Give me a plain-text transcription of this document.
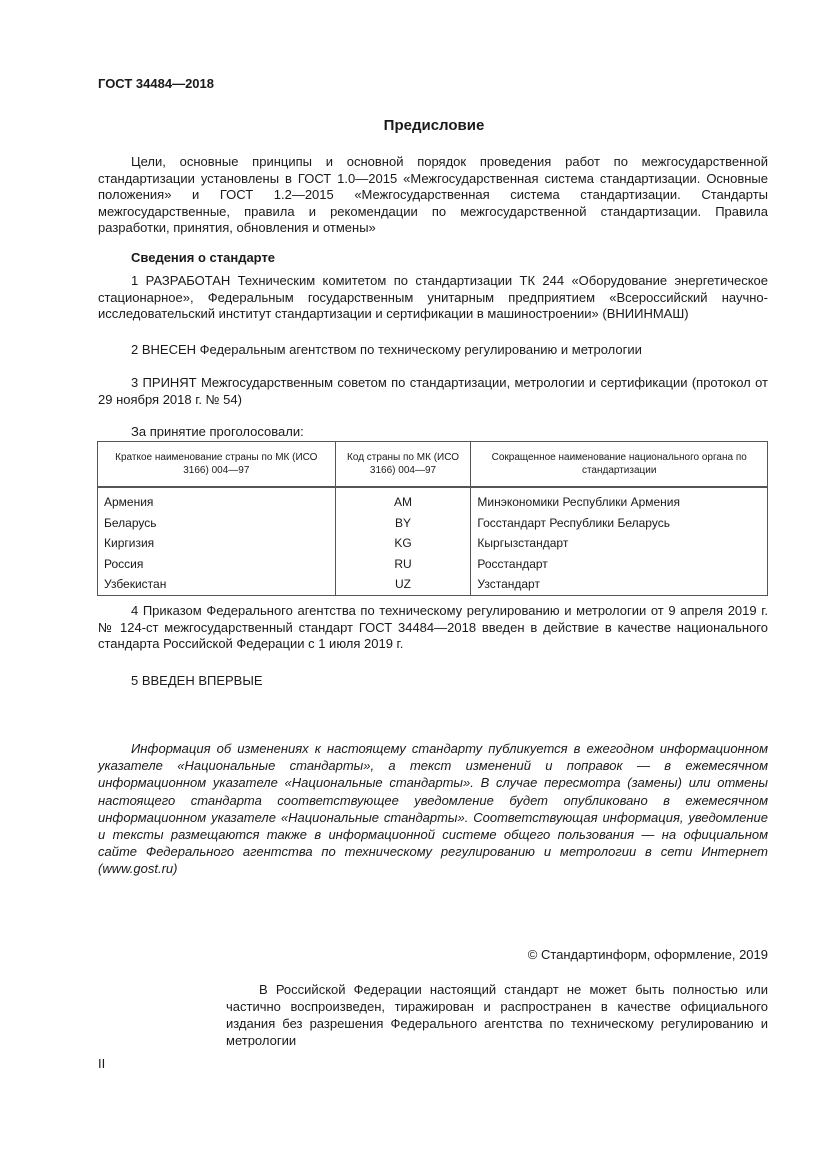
ГОСТ 34484—2018
Предисловие
Цели, основные принципы и основной порядок проведения работ по межгосударственной стандартизации установлены в ГОСТ 1.0—2015 «Межгосударственная система стандартизации. Основные положения» и ГОСТ 1.2—2015 «Межгосударственная система стандартизации. Стандарты межгосударственные, правила и рекомендации по межгосударственной стандартизации. Правила разработки, принятия, обновления и отмены»
Сведения о стандарте
1 РАЗРАБОТАН Техническим комитетом по стандартизации ТК 244 «Оборудование энергетическое стационарное», Федеральным государственным унитарным предприятием «Всероссийский научно-исследовательский институт стандартизации и сертификации в машиностроении» (ВНИИНМАШ)
2 ВНЕСЕН Федеральным агентством по техническому регулированию и метрологии
3 ПРИНЯТ Межгосударственным советом по стандартизации, метрологии и сертификации (протокол от 29 ноября 2018 г. № 54)
За принятие проголосовали:
Краткое наименование страны по МК (ИСО 3166) 004—97	Код страны по МК (ИСО 3166) 004—97	Сокращенное наименование национального органа по стандартизации
Армения	AM	Минэкономики Республики Армения
Беларусь	BY	Госстандарт Республики Беларусь
Киргизия	KG	Кыргызстандарт
Россия	RU	Росстандарт
Узбекистан	UZ	Узстандарт
4 Приказом Федерального агентства по техническому регулированию и метрологии от 9 апреля 2019 г. № 124-ст межгосударственный стандарт ГОСТ 34484—2018 введен в действие в качестве национального стандарта Российской Федерации с 1 июля 2019 г.
5 ВВЕДЕН ВПЕРВЫЕ
Информация об изменениях к настоящему стандарту публикуется в ежегодном информационном указателе «Национальные стандарты», а текст изменений и поправок — в ежемесячном информационном указателе «Национальные стандарты». В случае пересмотра (замены) или отмены настоящего стандарта соответствующее уведомление будет опубликовано в ежемесячном информационном указателе «Национальные стандарты». Соответствующая информация, уведомление и тексты размещаются также в информационной системе общего пользования — на официальном сайте Федерального агентства по техническому регулированию и метрологии в сети Интернет (www.gost.ru)
© Стандартинформ, оформление, 2019
В Российской Федерации настоящий стандарт не может быть полностью или частично воспроизведен, тиражирован и распространен в качестве официального издания без разрешения Федерального агентства по техническому регулированию и метрологии
II
